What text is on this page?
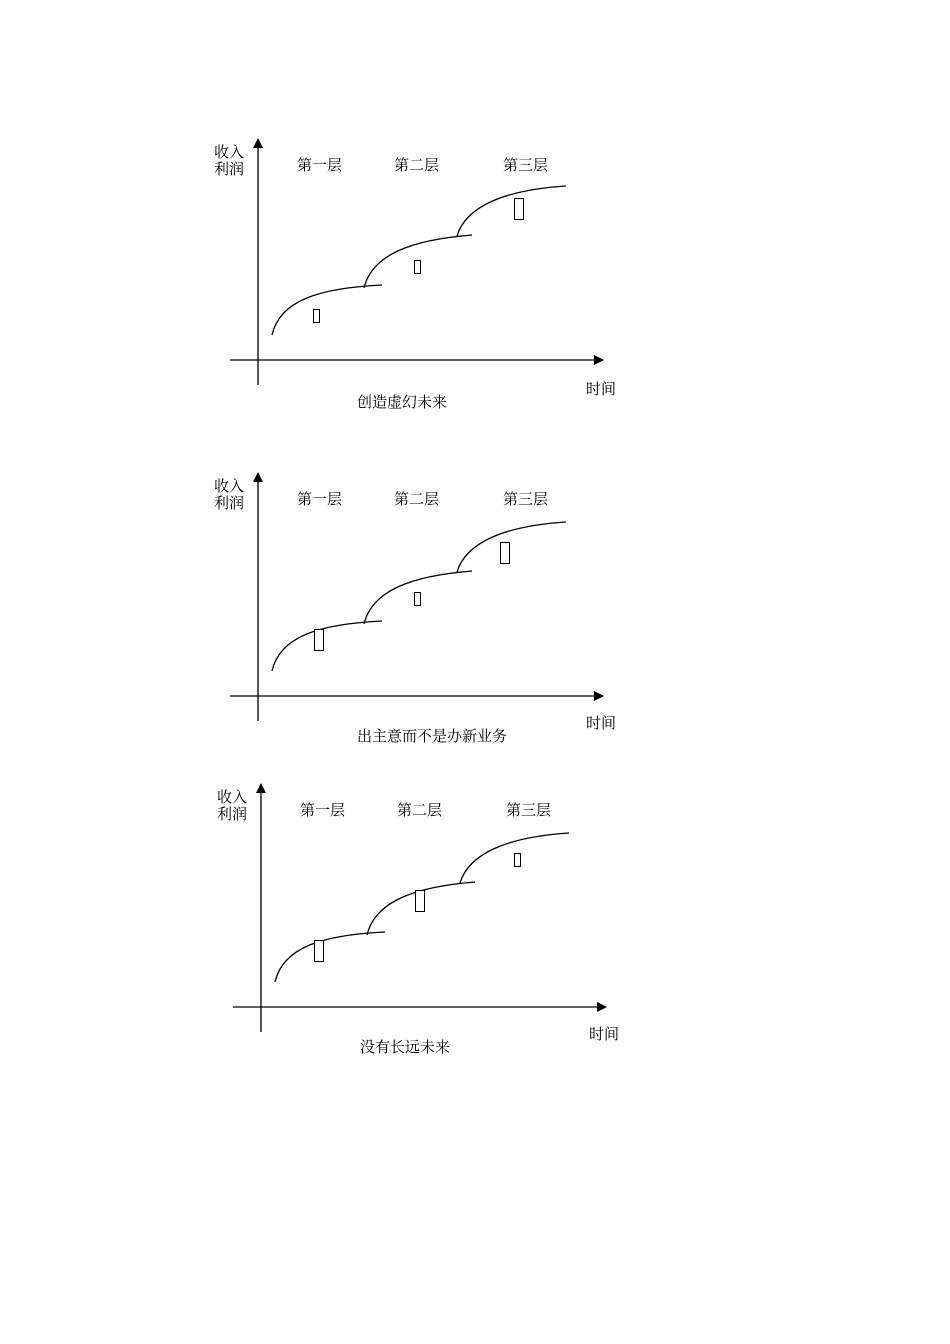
收入
利润	第一层	第二层	第三层
时间
创造虚幻未来
收入
利润	第一层	第二层	第三层
时间
出主意而不是办新业务
收入
利润	第一层	第二层	第三层
时间
没有长远未来
